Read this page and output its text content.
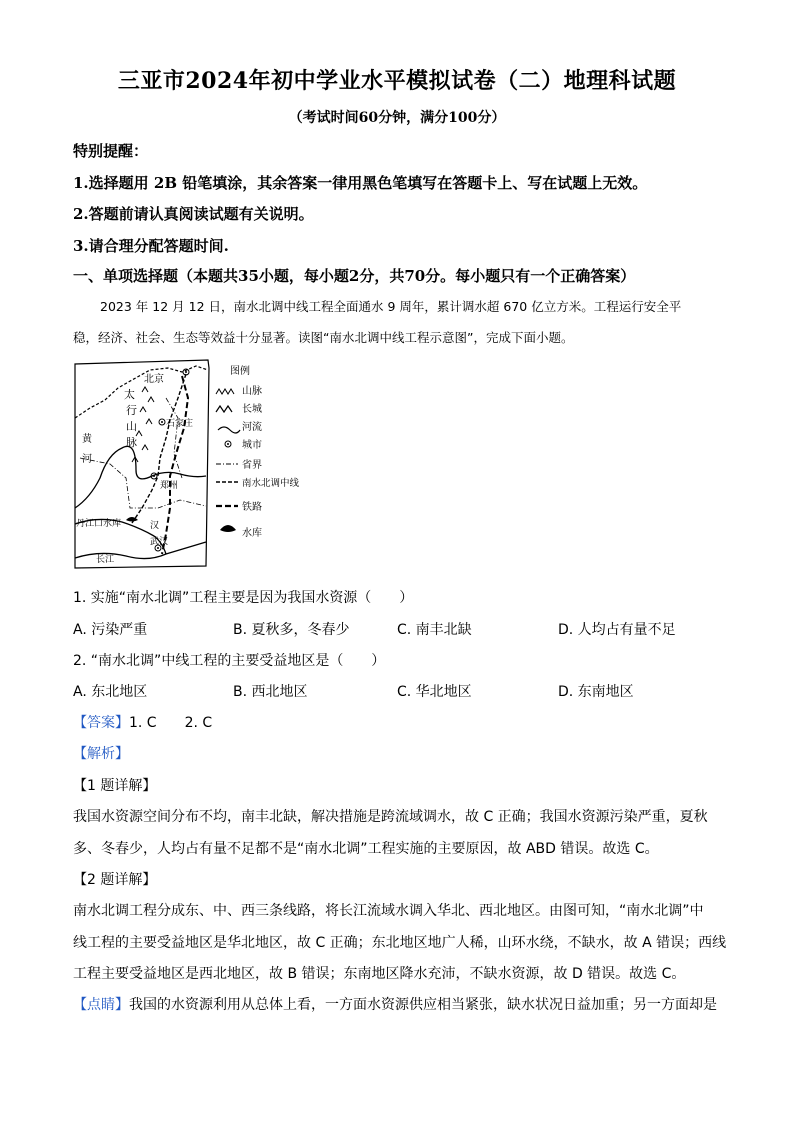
三亚市2024年初中学业水平模拟试卷（二）地理科试题
（考试时间60分钟，满分100分）
特别提醒：
1.选择题用 2B 铅笔填涂，其余答案一律用黑色笔填写在答题卡上、写在试题上无效。
2.答题前请认真阅读试题有关说明。
3.请合理分配答题时间.
一、单项选择题（本题共35小题，每小题2分，共70分。每小题只有一个正确答案）
2023 年 12 月 12 日，南水北调中线工程全面通水 9 周年，累计调水超 670 亿立方米。工程运行安全平
稳，经济、社会、生态等效益十分显著。读图“南水北调中线工程示意图”，完成下面小题。
北京
太
行
山
脉
石家庄
黄
河
郑州
丹江口水库	汉
武汉
长江
图例
山脉
长城
河流
城市
省界
南水北调中线
铁路
水库
1. 实施“南水北调”工程主要是因为我国水资源（　　）
A. 污染严重	B. 夏秋多，冬春少	C. 南丰北缺	D. 人均占有量不足
2. “南水北调”中线工程的主要受益地区是（　　）
A. 东北地区	B. 西北地区	C. 华北地区	D. 东南地区
【答案】1. C　　2. C
【解析】
【1 题详解】
我国水资源空间分布不均，南丰北缺，解决措施是跨流域调水，故 C 正确；我国水资源污染严重，夏秋
多、冬春少，人均占有量不足都不是“南水北调”工程实施的主要原因，故 ABD 错误。故选 C。
【2 题详解】
南水北调工程分成东、中、西三条线路，将长江流域水调入华北、西北地区。由图可知，“南水北调”中
线工程的主要受益地区是华北地区，故 C 正确；东北地区地广人稀，山环水绕，不缺水，故 A 错误；西线
工程主要受益地区是西北地区，故 B 错误；东南地区降水充沛，不缺水资源，故 D 错误。故选 C。
【点睛】我国的水资源利用从总体上看，一方面水资源供应相当紧张，缺水状况日益加重；另一方面却是
